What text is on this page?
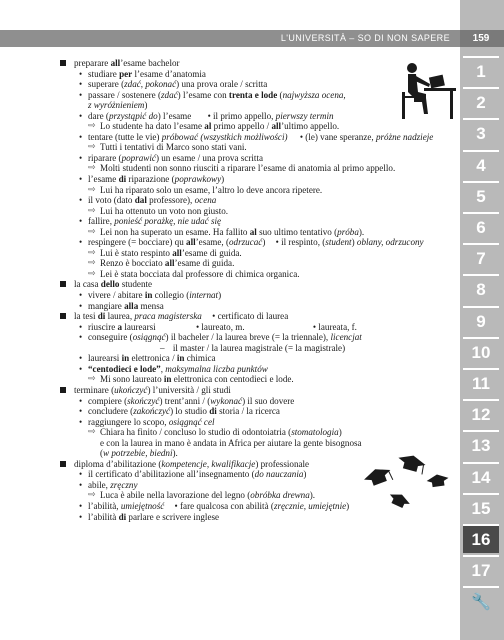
L'UNIVERSITÀ – SO DI NON SAPERE	159
1
2
3
4
5
6
7
8
9
10
11
12
13
14
15
16
17
🔧
preparare all’esame bachelor
• studiare per l’esame d’anatomia
• superare (zdać, pokonać) una prova orale / scritta
• passare / sostenere (zdać) l’esame con trenta e lode (najwyższa ocena,
z wyróżnieniem)
• dare (przystąpić do) l’esame • il primo appello, pierwszy termin
⇨ Lo studente ha dato l’esame al primo appello / all’ultimo appello.
• tentare (tutte le vie) próbować (wszystkich możliwości) • (le) vane speranze, próżne nadzieje
⇨ Tutti i tentativi di Marco sono stati vani.
• riparare (poprawić) un esame / una prova scritta
⇨ Molti studenti non sonno riusciti a riparare l’esame di anatomia al primo appello.
• l’esame di riparazione (poprawkowy)
⇨ Lui ha riparato solo un esame, l’altro lo deve ancora ripetere.
• il voto (dato dal professore), ocena
⇨ Lui ha ottenuto un voto non giusto.
• fallire, ponieść porażkę, nie udać się
⇨ Lei non ha superato un esame. Ha fallito al suo ultimo tentativo (próba).
• respingere (= bocciare) qu all’esame, (odrzucać) • il respinto, (student) oblany, odrzucony
⇨ Lui è stato respinto all’esame di guida.
⇨ Renzo è bocciato all’esame di guida.
⇨ Lei è stata bocciata dal professore di chimica organica.
la casa dello studente
• vivere / abitare in collegio (internat)
• mangiare alla mensa
la tesi di laurea, praca magisterska • certificato di laurea
• riuscire a laurearsi	• laureato, m.	• laureata, f.
• conseguire (osiągnąć) il bacheler / la laurea breve (= la triennale), licencjat
– il master / la laurea magistrale (= la magistrale)
• laurearsi in elettronica / in chimica
• “centodieci e lode”, maksymalna liczba punktów
⇨ Mi sono laureato in elettronica con centodieci e lode.
terminare (ukończyć) l’università / gli studi
• compiere (skończyć) trent’anni / (wykonać) il suo dovere
• concludere (zakończyć) lo studio di storia / la ricerca
• raggiungere lo scopo, osiągnąć cel
⇨ Chiara ha finito / concluso lo studio di odontoiatria (stomatologia)
e con la laurea in mano è andata in Africa per aiutare la gente bisognosa
(w potrzebie, biedni).
diploma d’abilitazione (kompetencje, kwalifikacje) professionale
• il certificato d’abilitazione all’insegnamento (do nauczania)
• abile, zręczny
⇨ Luca è abile nella lavorazione del legno (obróbka drewna).
• l’abilità, umiejętność • fare qualcosa con abilità (zręcznie, umiejętnie)
• l’abilità di parlare e scrivere inglese
